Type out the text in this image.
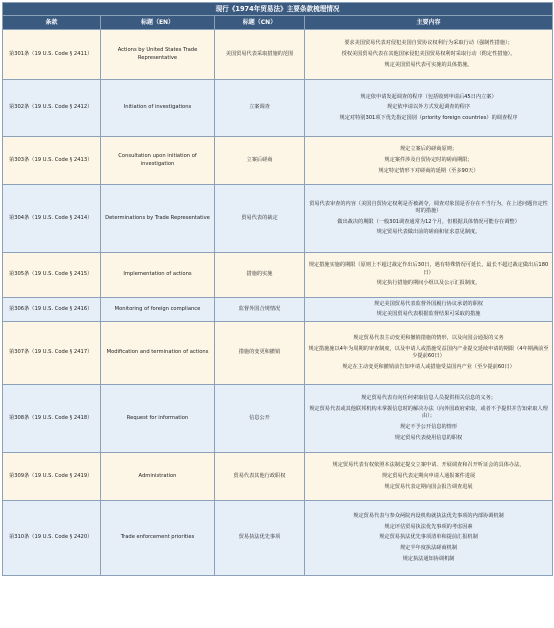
现行《1974年贸易法》主要条款梳理情况			
条款	标题（EN）	标题（CN）	主要内容
第301条（19 U.S. Code § 2411）	Actions by United States Trade Representative	美国贸易代表采取措施的范围	要求美国贸易代表对侵犯美国自贸协议权利行为采取行动（强制性措施）；
授权美国贸易代表在其他国家侵犯美国贸易权利时采取行动（酌定性措施）。
规定美国贸易代表可实施的具体措施。

第302条（19 U.S. Code § 2412）	Initiation of investigations	立案调查	规定依申请发起调查的程序（包括收到申请后45日内立案）
规定依申请以外方式发起调查的程序
规定对特别301项下优先指定国别（priority foreign countries）的调查程序

第303条（19 U.S. Code § 2413）	Consultation upon initiation of investigation	立案后磋商	规定立案后的磋商原则；
规定案件涉及自贸协定时的磋商期限；
规定特定情形下对磋商的延期（至多90天）

第304条（19 U.S. Code § 2414）	Determinations by Trade Representative	贸易代表的裁定	贸易代表审查的内容（美国自贸协定权利是否被剥夺，调查对象国是否存在不当行为，在上述问题肯定性时的措施）
做出裁决的期限（一般301调查通常为12个月，但根据具体情况可能存在调整）
规定贸易代表做出前的磋商和征求意见制度。

第305条（19 U.S. Code § 2415）	Implementation of actions	措施的实施	规定措施实施的期限（原则上不超过裁定作出后30日，遇有特殊情况可延长，最长不超过裁定做出后180日）
规定执行措施的期间小组以及公示汇报制度。

第306条（19 U.S. Code § 2416）	Monitoring of foreign compliance	监督外国合规情况	规定美国贸易代表监督外国履行协议承诺的职权
规定美国贸易代表根据监督结果可采取的措施

第307条（19 U.S. Code § 2417）	Modification and termination of actions	措施的变更和撤销	规定贸易代表主动变更和撤销措施的情形，以及向国会通报的义务
规定措施施以4年为周期的审查制度，以及申请人或措施受益国内产业提交延续申请的期限（4年期满前至少提前60日）
规定在主动变更和撤销前告知申请人或措施受益国内产业（至少提前60日）

第308条（19 U.S. Code § 2418）	Request for information	信息公开	规定贸易代表有向任何索取信息人员提供相关信息的义务；
规定贸易代表或其他联邦机构未掌握信息时的解决办法（向外国政府索取，或者不予提供并告知索取人理由）；
规定不予公开信息的情形
规定贸易代表使用信息的职权

第309条（19 U.S. Code § 2419）	Administration	贸易代表其他行政职权	规定贸易代表有权依照本法制定提交立案申请、开展调查和召开听证会的具体办法，
规定贸易代表定期向申请人通报案件进展
规定贸易代表定期向国会报告调查进展

第310条（19 U.S. Code § 2420）	Trade enforcement priorities	贸易执法优先事项	规定贸易代表与参众两院内设机构就执法优先事项的内部协调机制
规定评估贸易执法优先事项的考虑因素
规定贸易执法优先事项清单和提前汇报机制
规定半年度执法磋商机制
规定执法通知协调机制
